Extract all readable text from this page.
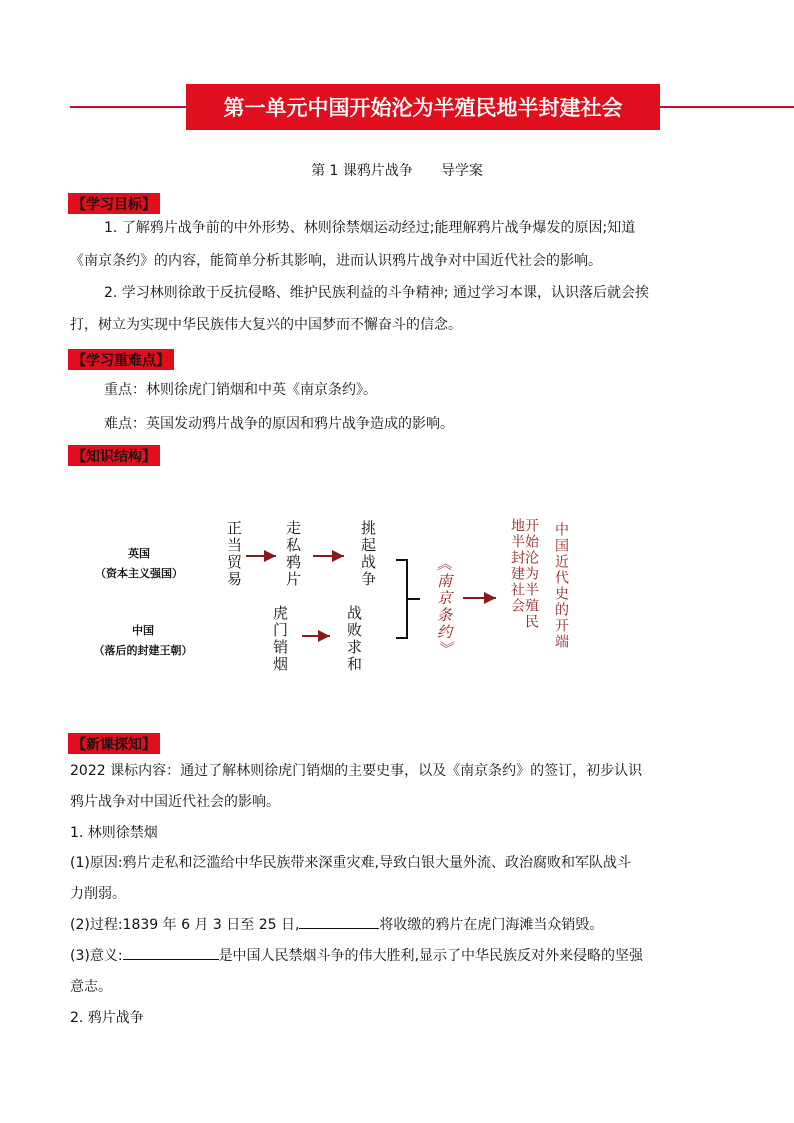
第一单元中国开始沦为半殖民地半封建社会
第 1 课鸦片战争 导学案
【学习目标】
1. 了解鸦片战争前的中外形势、林则徐禁烟运动经过;能理解鸦片战争爆发的原因;知道
《南京条约》的内容，能简单分析其影响，进而认识鸦片战争对中国近代社会的影响。
2. 学习林则徐敢于反抗侵略、维护民族利益的斗争精神; 通过学习本课，认识落后就会挨
打，树立为实现中华民族伟大复兴的中国梦而不懈奋斗的信念。
【学习重难点】
重点：林则徐虎门销烟和中英《南京条约》。
难点：英国发动鸦片战争的原因和鸦片战争造成的影响。
【知识结构】
英国
（资本主义强国）
中国
（落后的封建王朝）
正当贸易	走私鸦片	挑起战争
虎门销烟	战败求和	《南京条约》	开始沦为半殖民地半封建社会	中国近代史的开端
【新课探知】
2022 课标内容：通过了解林则徐虎门销烟的主要史事，以及《南京条约》的签订，初步认识
鸦片战争对中国近代社会的影响。
1. 林则徐禁烟
(1)原因:鸦片走私和泛滥给中华民族带来深重灾难,导致白银大量外流、政治腐败和军队战斗
力削弱。
(2)过程:1839 年 6 月 3 日至 25 日,	将收缴的鸦片在虎门海滩当众销毁。
(3)意义:	是中国人民禁烟斗争的伟大胜利,显示了中华民族反对外来侵略的坚强
意志。
2. 鸦片战争
